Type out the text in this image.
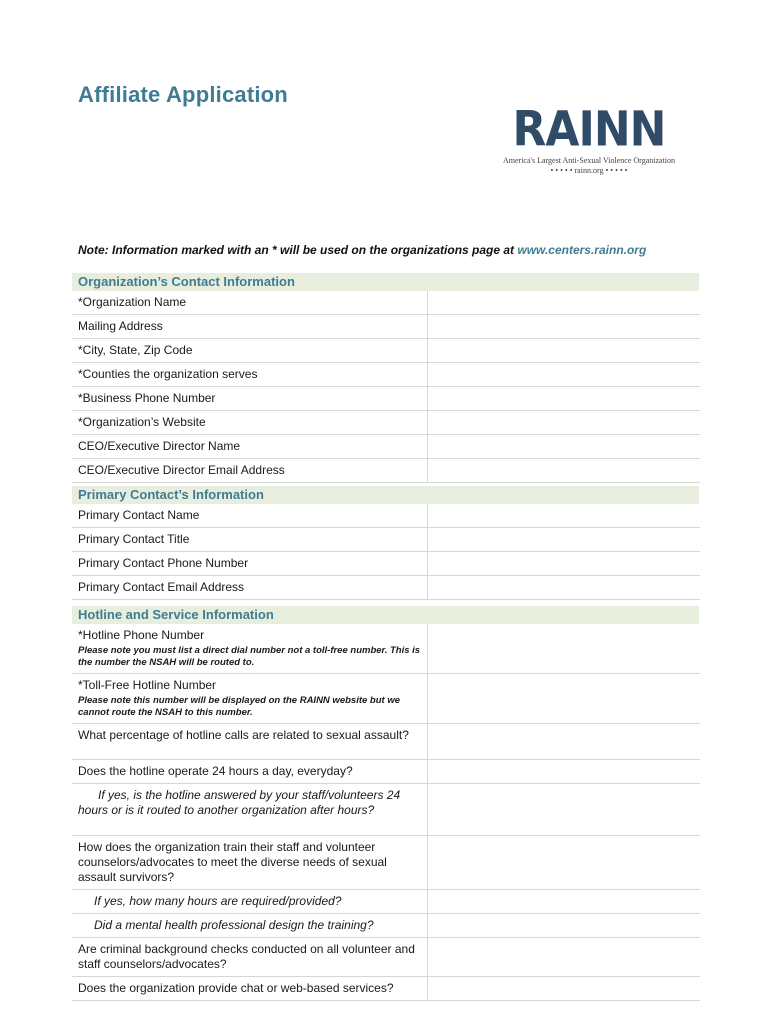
Affiliate Application
RAINN
America's Largest Anti-Sexual Violence Organization
• • • • • rainn.org • • • • •
Note: Information marked with an * will be used on the organizations page at www.centers.rainn.org
Organization’s Contact Information
*Organization Name	
Mailing Address	
*City, State, Zip Code	
*Counties the organization serves	
*Business Phone Number	
*Organization’s Website	
CEO/Executive Director Name	
CEO/Executive Director Email Address	
Primary Contact’s Information
Primary Contact Name	
Primary Contact Title	
Primary Contact Phone Number	
Primary Contact Email Address	
Hotline and Service Information
*Hotline Phone Number
Please note you must list a direct dial number not a toll-free number. This is the number the NSAH will be routed to.	

*Toll-Free Hotline Number
Please note this number will be displayed on the RAINN website but we cannot route the NSAH to this number.	

What percentage of hotline calls are related to sexual assault?	
Does the hotline operate 24 hours a day, everyday?	

If yes, is the hotline answered by your staff/volunteers 24 hours or is it routed to another organization after hours?	

How does the organization train their staff and volunteer counselors/advocates to meet the diverse needs of sexual assault survivors?	
If yes, how many hours are required/provided?	
Did a mental health professional design the training?	
Are criminal background checks conducted on all volunteer and staff counselors/advocates?	
Does the organization provide chat or web-based services?	
